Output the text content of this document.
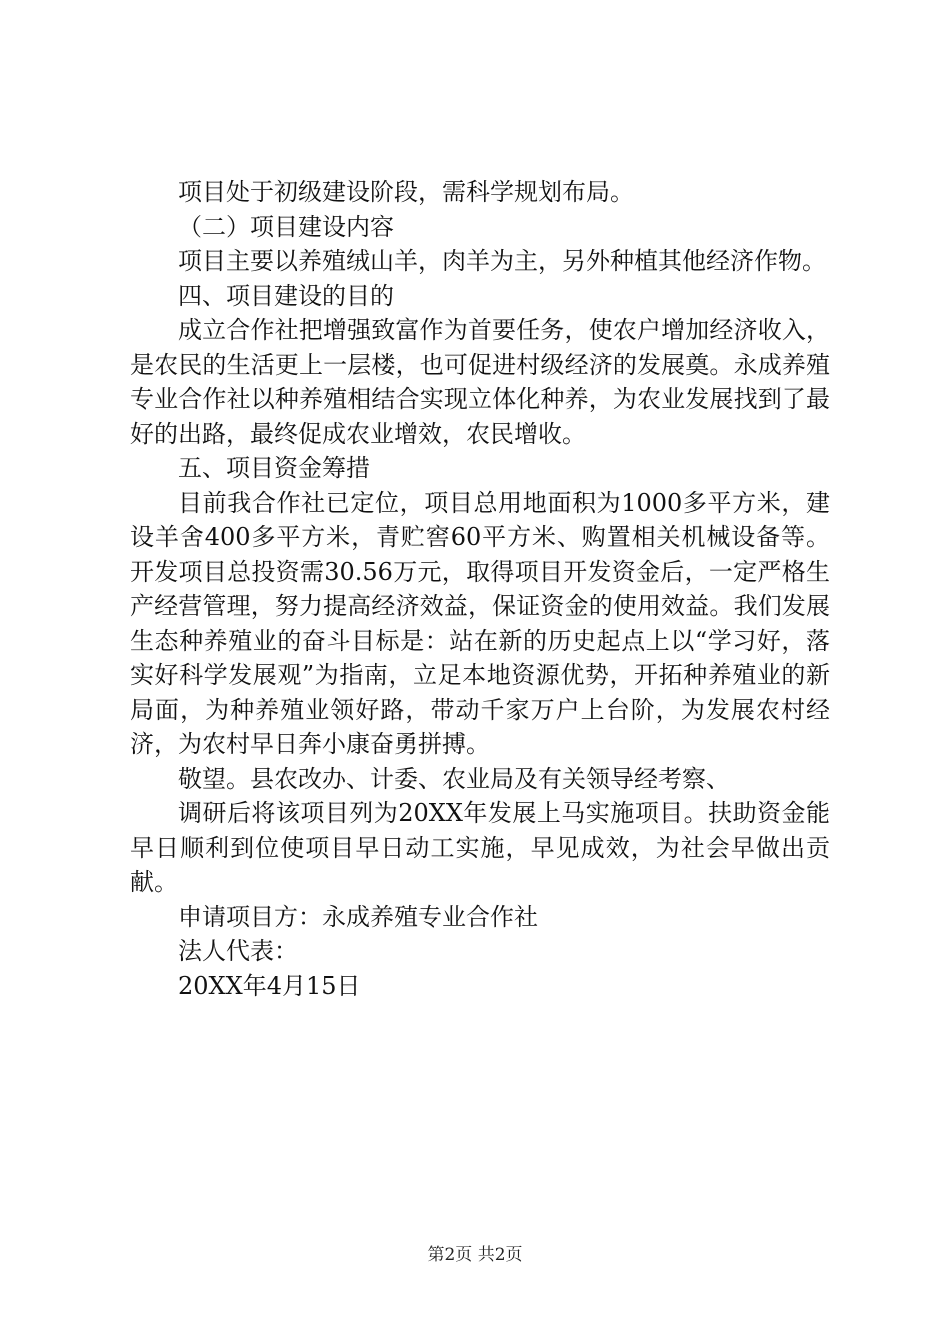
项目处于初级建设阶段，需科学规划布局。

（二）项目建设内容

项目主要以养殖绒山羊，肉羊为主，另外种植其他经济作物。

四、项目建设的目的

成立合作社把增强致富作为首要任务，使农户增加经济收入，是农民的生活更上一层楼，也可促进村级经济的发展奠。永成养殖专业合作社以种养殖相结合实现立体化种养，为农业发展找到了最好的出路，最终促成农业增效，农民增收。

五、项目资金筹措

目前我合作社已定位，项目总用地面积为1000多平方米，建设羊舍400多平方米，青贮窖60平方米、购置相关机械设备等。开发项目总投资需30.56万元，取得项目开发资金后，一定严格生产经营管理，努力提高经济效益，保证资金的使用效益。我们发展生态种养殖业的奋斗目标是：站在新的历史起点上以“学习好，落实好科学发展观”为指南，立足本地资源优势，开拓种养殖业的新局面，为种养殖业领好路，带动千家万户上台阶，为发展农村经济，为农村早日奔小康奋勇拼搏。

敬望。县农改办、计委、农业局及有关领导经考察、

调研后将该项目列为20XX年发展上马实施项目。扶助资金能早日顺利到位使项目早日动工实施，早见成效，为社会早做出贡献。

申请项目方：永成养殖专业合作社

法人代表：

20XX年4月15日

第2页 共2页
